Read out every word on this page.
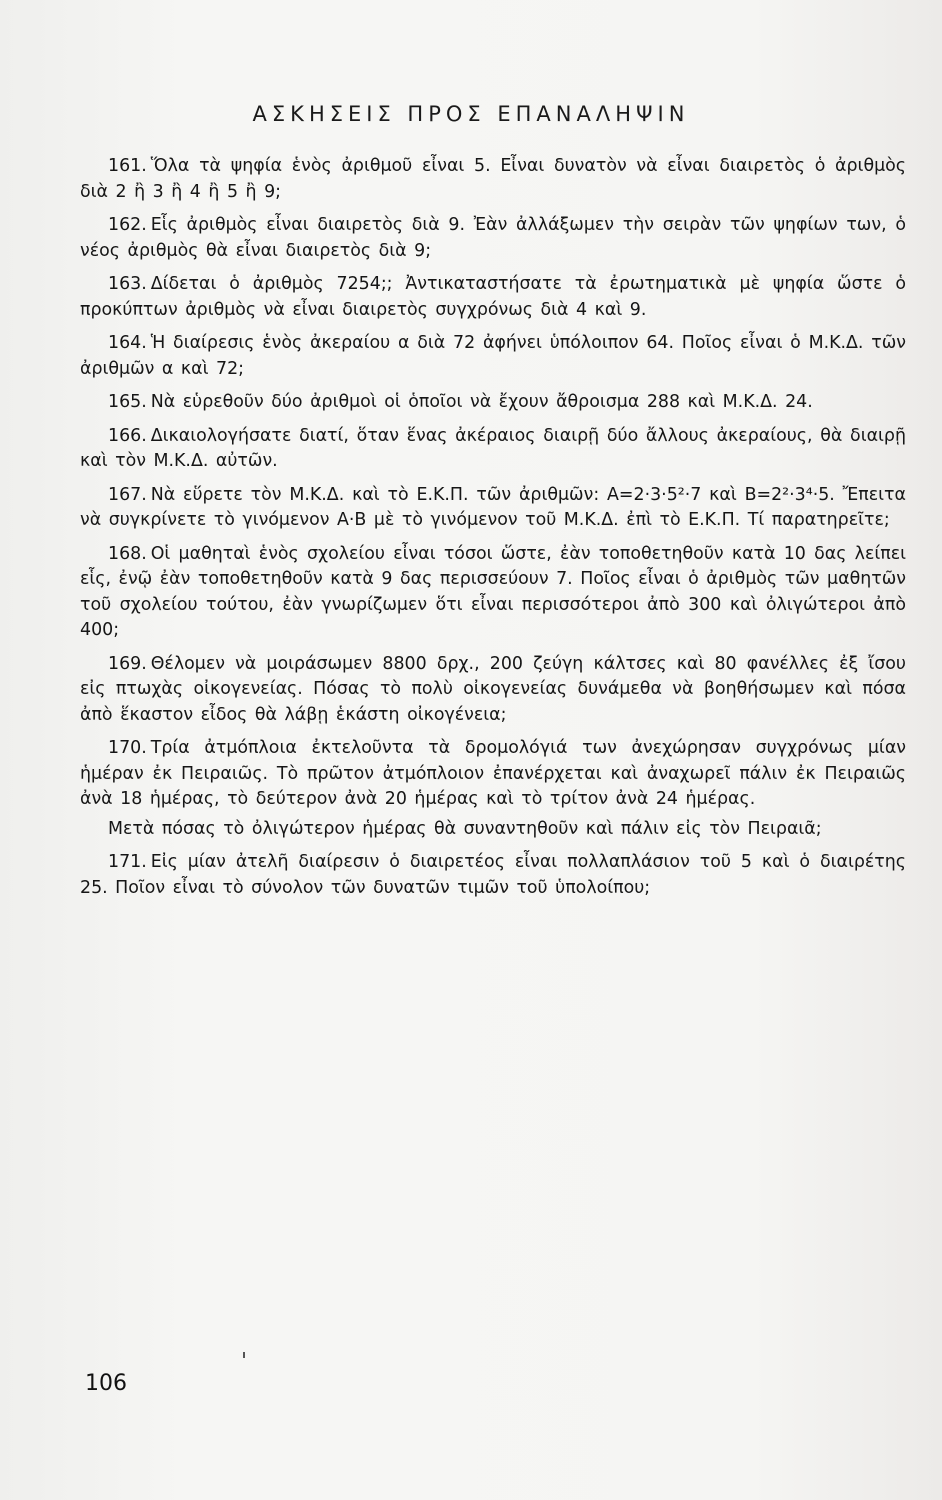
ΑΣΚΗΣΕΙΣ ΠΡΟΣ ΕΠΑΝΑΛΗΨΙΝ

161. Ὅλα τὰ ψηφία ἑνὸς ἀριθμοῦ εἶναι 5. Εἶναι δυνατὸν νὰ εἶναι διαιρετὸς ὁ ἀριθμὸς διὰ 2 ἢ 3 ἢ 4 ἢ 5 ἢ 9;

162. Εἷς ἀριθμὸς εἶναι διαιρετὸς διὰ 9. Ἐὰν ἀλλάξωμεν τὴν σειρὰν τῶν ψηφίων των, ὁ νέος ἀριθμὸς θὰ εἶναι διαιρετὸς διὰ 9;

163. Δίδεται ὁ ἀριθμὸς 7254;; Ἀντικαταστήσατε τὰ ἐρωτηματικὰ μὲ ψηφία ὥστε ὁ προκύπτων ἀριθμὸς νὰ εἶναι διαιρετὸς συγχρόνως διὰ 4 καὶ 9.

164. Ἡ διαίρεσις ἑνὸς ἀκεραίου α διὰ 72 ἀφήνει ὑπόλοιπον 64. Ποῖος εἶναι ὁ Μ.Κ.Δ. τῶν ἀριθμῶν α καὶ 72;

165. Νὰ εὑρεθοῦν δύο ἀριθμοὶ οἱ ὁποῖοι νὰ ἔχουν ἄθροισμα 288 καὶ Μ.Κ.Δ. 24.

166. Δικαιολογήσατε διατί, ὅταν ἕνας ἀκέραιος διαιρῇ δύο ἄλλους ἀκεραίους, θὰ διαιρῇ καὶ τὸν Μ.Κ.Δ. αὐτῶν.

167. Νὰ εὕρετε τὸν Μ.Κ.Δ. καὶ τὸ Ε.Κ.Π. τῶν ἀριθμῶν: Α=2·3·5²·7 καὶ Β=2²·3⁴·5. Ἔπειτα νὰ συγκρίνετε τὸ γινόμενον Α·Β μὲ τὸ γινόμενον τοῦ Μ.Κ.Δ. ἐπὶ τὸ Ε.Κ.Π. Τί παρατηρεῖτε;

168. Οἱ μαθηταὶ ἑνὸς σχολείου εἶναι τόσοι ὥστε, ἐὰν τοποθετηθοῦν κατὰ 10 δας λείπει εἷς, ἐνῷ ἐὰν τοποθετηθοῦν κατὰ 9 δας περισσεύουν 7. Ποῖος εἶναι ὁ ἀριθμὸς τῶν μαθητῶν τοῦ σχολείου τούτου, ἐὰν γνωρίζωμεν ὅτι εἶναι περισσότεροι ἀπὸ 300 καὶ ὀλιγώτεροι ἀπὸ 400;

169. Θέλομεν νὰ μοιράσωμεν 8800 δρχ., 200 ζεύγη κάλτσες καὶ 80 φανέλλες ἐξ ἴσου εἰς πτωχὰς οἰκογενείας. Πόσας τὸ πολὺ οἰκογενείας δυνάμεθα νὰ βοηθήσωμεν καὶ πόσα ἀπὸ ἕκαστον εἶδος θὰ λάβῃ ἑκάστη οἰκογένεια;

170. Τρία ἀτμόπλοια ἐκτελοῦντα τὰ δρομολόγιά των ἀνεχώρησαν συγχρόνως μίαν ἡμέραν ἐκ Πειραιῶς. Τὸ πρῶτον ἀτμόπλοιον ἐπανέρχεται καὶ ἀναχωρεῖ πάλιν ἐκ Πειραιῶς ἀνὰ 18 ἡμέρας, τὸ δεύτερον ἀνὰ 20 ἡμέρας καὶ τὸ τρίτον ἀνὰ 24 ἡμέρας.

Μετὰ πόσας τὸ ὀλιγώτερον ἡμέρας θὰ συναντηθοῦν καὶ πάλιν εἰς τὸν Πειραιᾶ;

171. Εἰς μίαν ἀτελῆ διαίρεσιν ὁ διαιρετέος εἶναι πολλαπλάσιον τοῦ 5 καὶ ὁ διαιρέτης 25. Ποῖον εἶναι τὸ σύνολον τῶν δυνατῶν τιμῶν τοῦ ὑπολοίπου;

106
